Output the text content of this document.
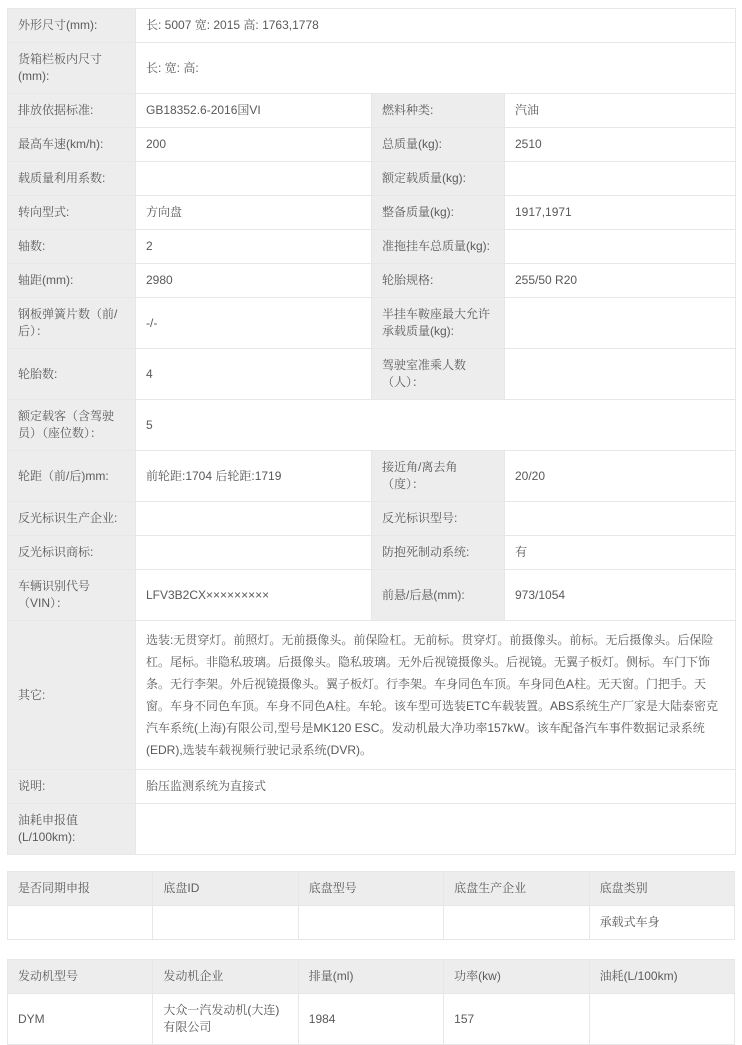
外形尺寸(mm):	长: 5007 宽: 2015 高: 1763,1778		
货箱栏板内尺寸(mm):	长: 宽: 高:		
排放依据标准:	GB18352.6-2016国VI	燃料种类:	汽油
最高车速(km/h):	200	总质量(kg):	2510
载质量利用系数:		额定载质量(kg):	
转向型式:	方向盘	整备质量(kg):	1917,1971
轴数:	2	准拖挂车总质量(kg):	
轴距(mm):	2980	轮胎规格:	255/50 R20
钢板弹簧片数（前/后）：	-/-	半挂车鞍座最大允许承载质量(kg):	
轮胎数:	4	驾驶室准乘人数（人）：	
额定载客（含驾驶员）（座位数）：	5		
轮距（前/后)mm:	前轮距:1704 后轮距:1719	接近角/离去角（度）：	20/20
反光标识生产企业:		反光标识型号:	
反光标识商标:		防抱死制动系统:	有
车辆识别代号（VIN）：	LFV3B2CX×××××××××	前悬/后悬(mm):	973/1054
其它:	选装:无贯穿灯。前照灯。无前摄像头。前保险杠。无前标。贯穿灯。前摄像头。前标。无后摄像头。后保险杠。尾标。非隐私玻璃。后摄像头。隐私玻璃。无外后视镜摄像头。后视镜。无翼子板灯。侧标。车门下饰条。无行李架。外后视镜摄像头。翼子板灯。行李架。车身同色车顶。车身同色A柱。无天窗。门把手。天窗。车身不同色车顶。车身不同色A柱。车轮。该车型可选装ETC车载装置。ABS系统生产厂家是大陆泰密克汽车系统(上海)有限公司,型号是MK120 ESC。发动机最大净功率157kW。该车配备汽车事件数据记录系统(EDR),选装车载视频行驶记录系统(DVR)。		
说明:	胎压监测系统为直接式		
油耗申报值(L/100km):			
是否同期申报	底盘ID	底盘型号	底盘生产企业	底盘类别
				承载式车身
发动机型号	发动机企业	排量(ml)	功率(kw)	油耗(L/100km)
DYM	大众一汽发动机(大连)有限公司	1984	157	
